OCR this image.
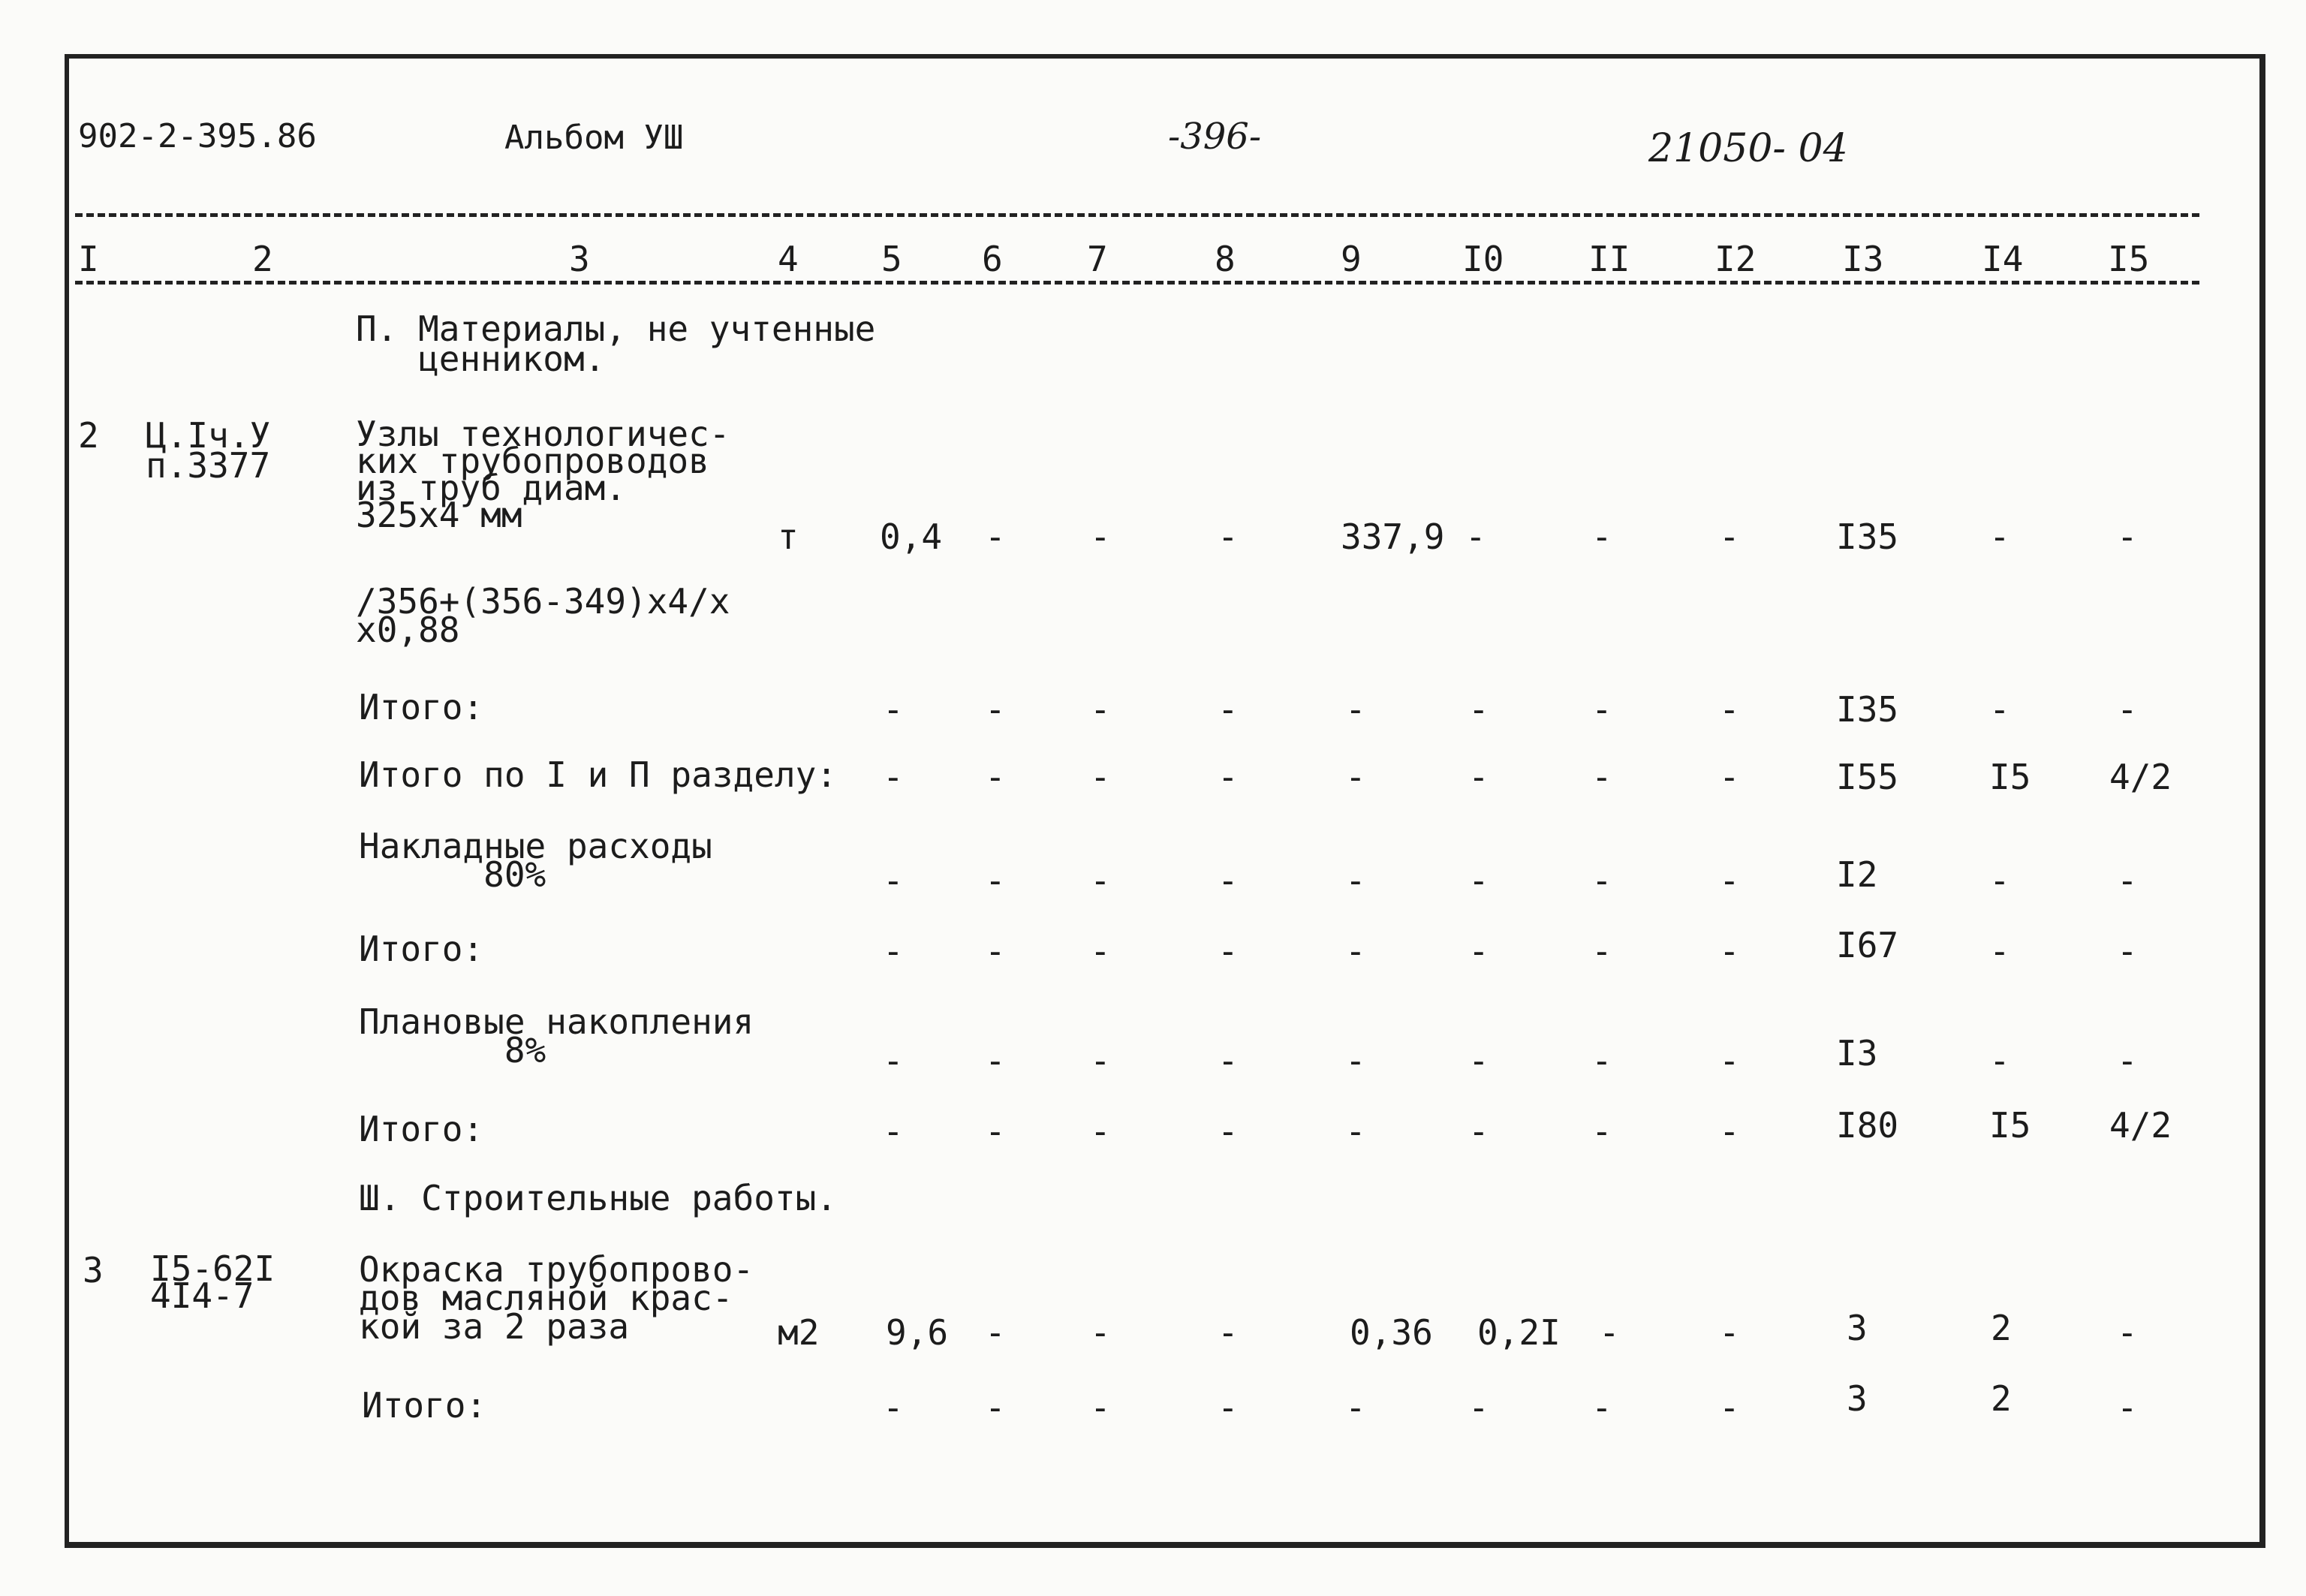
902-2-395.86	Альбом УШ	-396-	21050- 04
I	2	3	4 5 6 7	8	9	I0 II I2 I3	I4 I5
П. Материалы, не учтенные
ценником.
2 Ц.Iч.У
п.3377
Узлы технологичес-
ких трубопроводов
из труб диам.
325х4 мм
т 0,4 - -	-	337,9 -	-	-	I35	-	-
/356+(356-349)х4/х
х0,88
Итого:	- - -	-	-	-	-	-	I35	-	-
Итого по I и П разделу: - - -	-	-	-	-	-	I55	I5 4/2
Накладные расходы
80%	- - -	-	-	-	-	-	I2	-	-
Итого:	- - -	-	-	-	-	-	I67	-	-
Плановые накопления
8%	- - -	-	-	-	-	-	I3	-	-
Итого:	- - -	-	-	-	-	-	I80	I5 4/2
Ш. Строительные работы.
3 I5-62I
4I4-7
Окраска трубопрово-
дов масляной крас-
кой за 2 раза	м2 9,6 - -	-	0,36 0,2I -	-	3	2	-
Итого:	- - -	-	-	-	-	-	3	2	-
